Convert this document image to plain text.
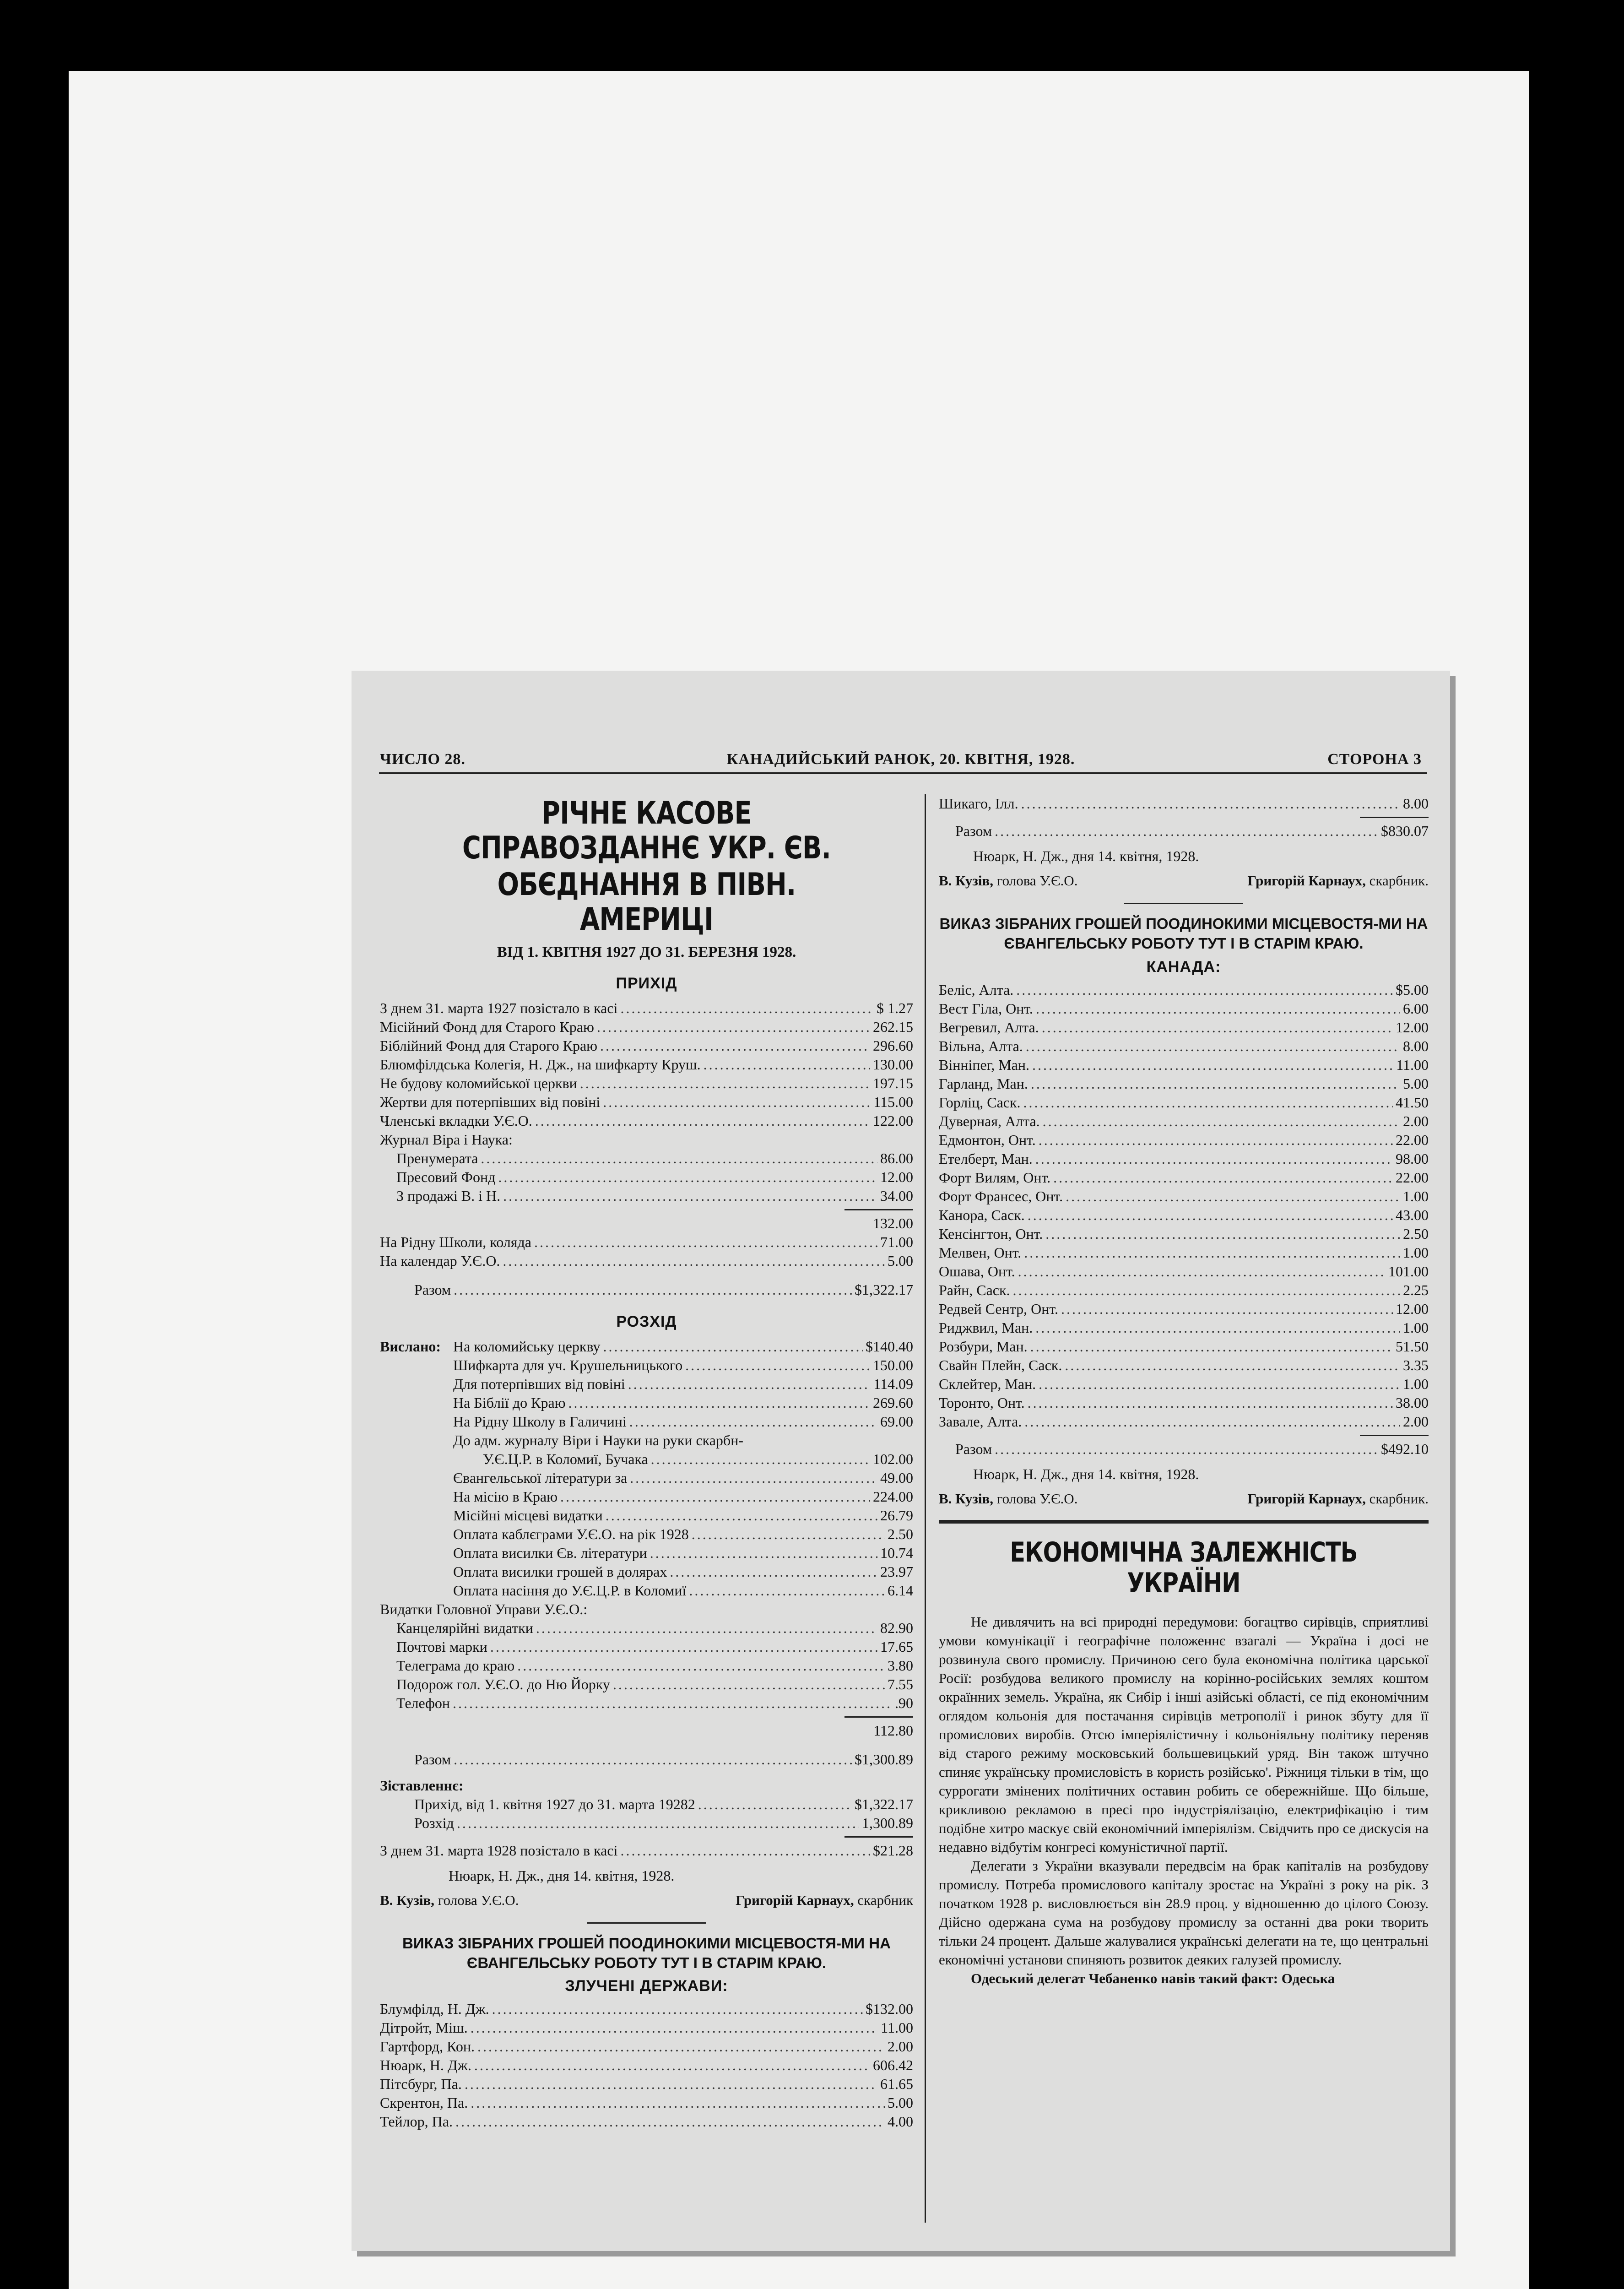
ЧИСЛО 28.	КАНАДИЙСЬКИЙ РАНОК, 20. КВІТНЯ, 1928.	СТОРОНА 3
РІЧНЕ КАСОВЕ СПРАВОЗДАННЄ УКР. ЄВ.
ОБЄДНАННЯ В ПІВН. АМЕРИЦІ
ВІД 1. КВІТНЯ 1927 ДО 31. БЕРЕЗНЯ 1928.
ПРИХІД
З днем 31. марта 1927 позістало в касі .....	$ 1.27
Місійний Фонд для Старого Краю .....	262.15
Біблійний Фонд для Старого Краю .....	296.60
Блюмфілдська Колегія, Н. Дж., на шифкарту Круш. .....	130.00
Не будову коломийської церкви .....	197.15
Жертви для потерпівших від повіні .....	115.00
Членські вкладки У.Є.О. .....	122.00
Журнал Віра і Наука:
Пренумерата .....	86.00
Пресовий Фонд .....	12.00
З продажі В. і Н. .....	34.00
132.00
На Рідну Школи, коляда .....	71.00
На календар У.Є.О. .....	5.00
Разом .....	$1,322.17
РОЗХІД
Вислано: На коломийську церкву .....	$140.40
Шифкарта для уч. Крушельницького .....	150.00
Для потерпівших від повіні .....	114.09
На Біблії до Краю .....	269.60
На Рідну Школу в Галичині .....	69.00
До адм. журналу Віри і Науки на руки скарбн-
У.Є.Ц.Р. в Коломиї, Бучака .....	102.00
Євангельської літератури за .....	49.00
На місію в Краю .....	224.00
Місійні місцеві видатки .....	26.79
Оплата каблєграми У.Є.О. на рік 1928 .....	2.50
Оплата висилки Єв. літератури .....	10.74
Оплата висилки грошей в долярах .....	23.97
Оплата насіння до У.Є.Ц.Р. в Коломиї .....	6.14
Видатки Головної Управи У.Є.О.:
Канцелярійні видатки .....	82.90
Почтові марки .....	17.65
Телеграма до краю .....	3.80
Подорож гол. У.Є.О. до Ню Йорку .....	7.55
Телефон .....	.90
112.80
Разом .....	$1,300.89
Зіставленнє:
Прихід, від 1. квітня 1927 до 31. марта 19282 .....	$1,322.17
Розхід .....	1,300.89
З днем 31. марта 1928 позістало в касі .....	$21.28
Нюарк, Н. Дж., дня 14. квітня, 1928.
В. Кузів, голова У.Є.О.	Григорій Карнаух, скарбник
ВИКАЗ ЗІБРАНИХ ГРОШЕЙ ПООДИНОКИМИ МІСЦЕВОСТЯ-МИ НА ЄВАНГЕЛЬСЬКУ РОБОТУ ТУТ І В СТАРІМ КРАЮ.
ЗЛУЧЕНІ ДЕРЖАВИ:
Блумфілд, Н. Дж. .....	$132.00
Дітройт, Міш. .....	11.00
Гартфорд, Кон. .....	2.00
Нюарк, Н. Дж. .....	606.42
Пітсбург, Па. .....	61.65
Скрентон, Па. .....	5.00
Тейлор, Па. .....	4.00
Шикаго, Ілл. .....	8.00
Разом .....	$830.07
Нюарк, Н. Дж., дня 14. квітня, 1928.
В. Кузів, голова У.Є.О.	Григорій Карнаух, скарбник.
ВИКАЗ ЗІБРАНИХ ГРОШЕЙ ПООДИНОКИМИ МІСЦЕВОСТЯ-МИ НА ЄВАНГЕЛЬСЬКУ РОБОТУ ТУТ І В СТАРІМ КРАЮ.
КАНАДА:
Беліс, Алта. .....	$5.00
Вест Гіла, Онт. .....	6.00
Вегревил, Алта. .....	12.00
Вільна, Алта. .....	8.00
Вінніпег, Ман. .....	11.00
Гарланд, Ман. .....	5.00
Горліц, Саск. .....	41.50
Дуверная, Алта. .....	2.00
Едмонтон, Онт. .....	22.00
Етелберт, Ман. .....	98.00
Форт Вилям, Онт. .....	22.00
Форт Франсес, Онт. .....	1.00
Канора, Саск. .....	43.00
Кенсінгтон, Онт. .....	2.50
Мелвен, Онт. .....	1.00
Ошава, Онт. .....	101.00
Райн, Саск. .....	2.25
Редвей Сентр, Онт. .....	12.00
Риджвил, Ман. .....	1.00
Розбури, Ман. .....	51.50
Свайн Плейн, Саск. .....	3.35
Склейтер, Ман. .....	1.00
Торонто, Онт. .....	38.00
Завале, Алта. .....	2.00
Разом .....	$492.10
Нюарк, Н. Дж., дня 14. квітня, 1928.
В. Кузів, голова У.Є.О.	Григорій Карнаух, скарбник.
ЕКОНОМІЧНА ЗАЛЕЖНІСТЬ УКРАЇНИ

Не дивлячить на всі природні передумови: богацтво сирівців, сприятливі умови комунікації і географічне положеннє взагалі — Україна і досі не розвинула свого промислу. Причиною сего була економічна політика царської Росії: розбудова великого промислу на корінно-російських землях коштом окраїнних земель. Україна, як Сибір і інші азійські області, се під економічним оглядом кольонія для постачання сирівців метрополії і ринок збуту для її промислових виробів. Отсю імперіялістичну і кольоніяльну політику переняв від старого режиму московський большевицький уряд. Він також штучно спиняє українську промисловість в користь розійсько'. Ріжниця тільки в тім, що суррогати змінених політичних оставин робить се обережнійше. Що більше, крикливою рекламою в пресі про індустріялізацію, електрифікацію і тим подібне хитро маскує свій економічний імперіялізм. Свідчить про се дискусія на недавно відбутім конгресі комуністичної партії.

Делегати з України вказували передвсім на брак капіталів на розбудову промислу. Потреба промислового капіталу зростає на Україні з року на рік. З початком 1928 р. висловлюється він 28.9 проц. у відношенню до цілого Союзу. Дійсно одержана сума на розбудову промислу за останні два роки творить тільки 24 процент. Дальше жалувалися українські делегати на те, що центральні економічні установи спиняють розвиток деяких галузей промислу.

Одеський делегат Чебаненко навів такий факт: Одеська
